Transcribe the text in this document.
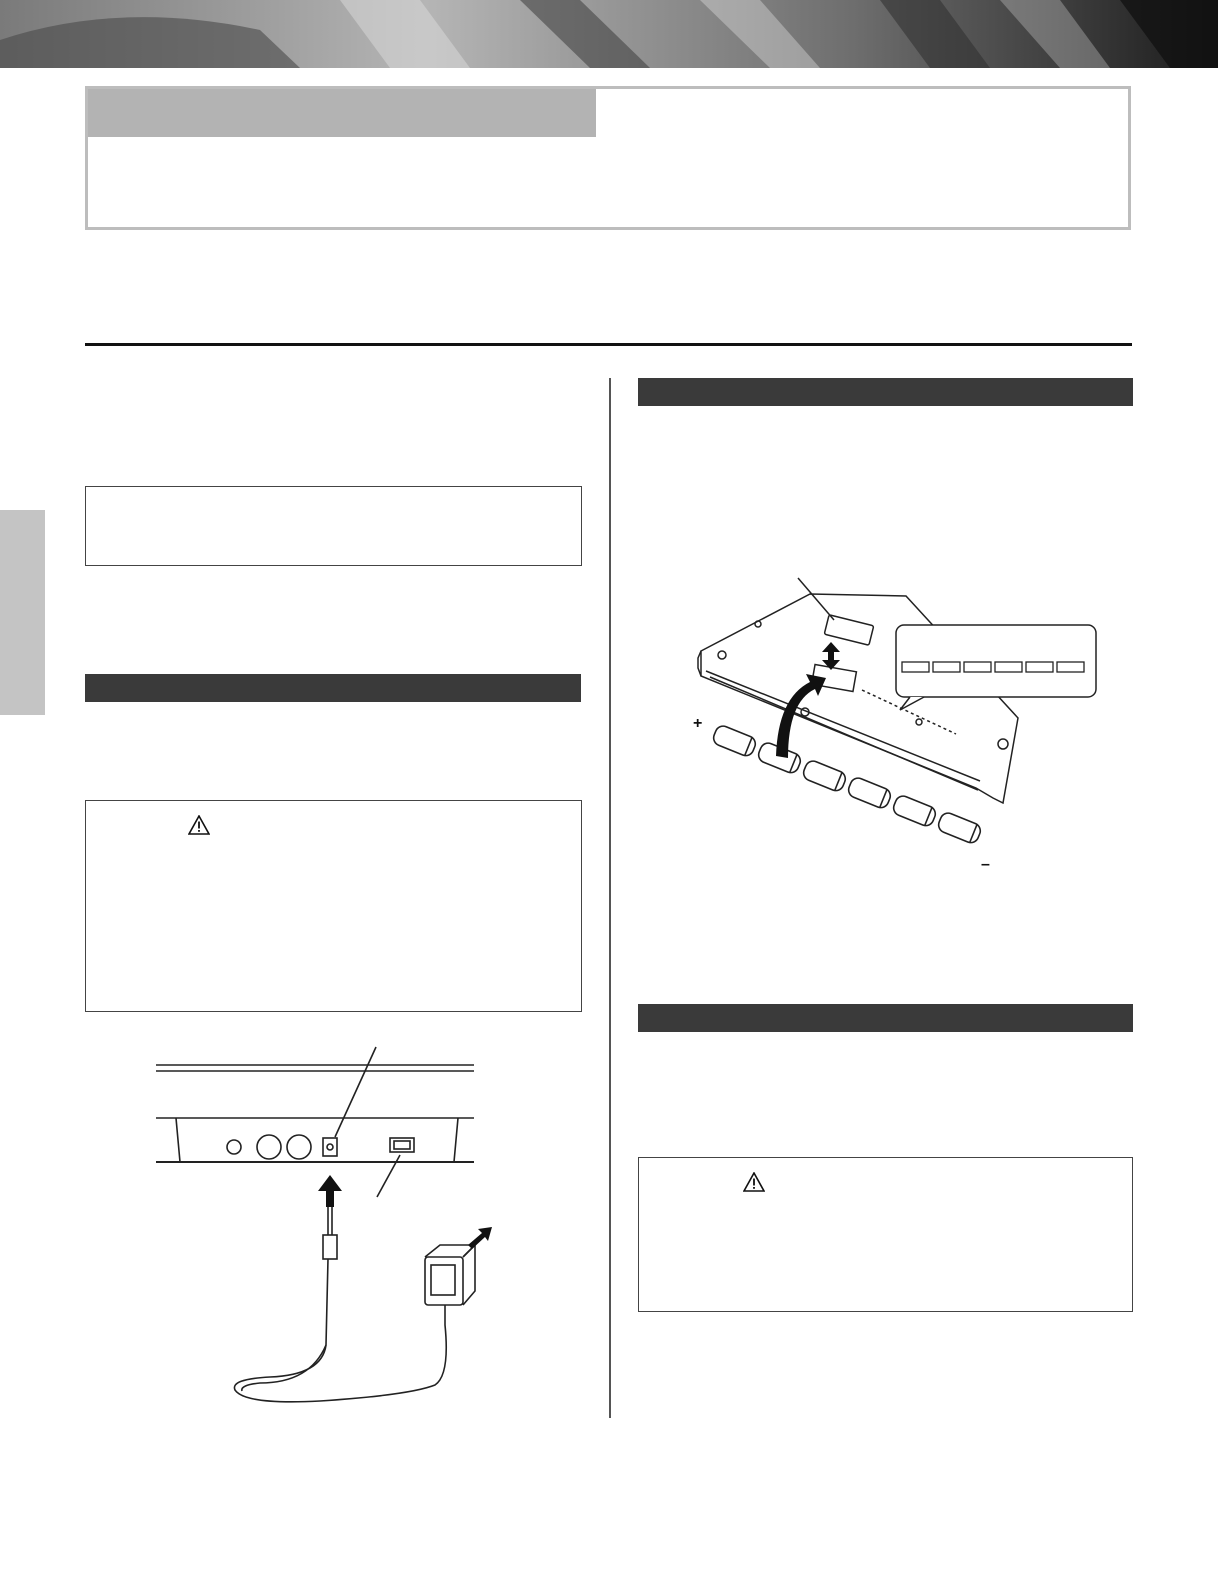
+
–
